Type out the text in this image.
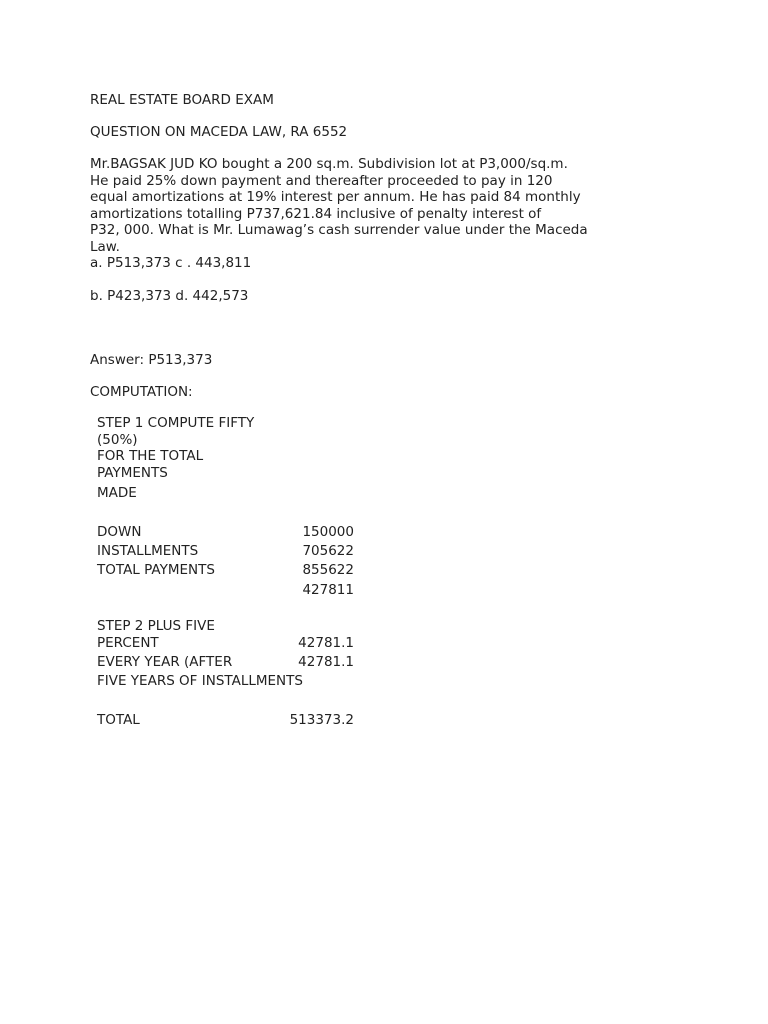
REAL ESTATE BOARD EXAM
QUESTION ON MACEDA LAW, RA 6552
Mr.BAGSAK JUD KO bought a 200 sq.m. Subdivision lot at P3,000/sq.m.
He paid 25% down payment and thereafter proceeded to pay in 120
equal amortizations at 19% interest per annum. He has paid 84 monthly
amortizations totalling P737,621.84 inclusive of penalty interest of
P32, 000. What is Mr. Lumawag’s cash surrender value under the Maceda
Law.
a. P513,373 c . 443,811
b. P423,373 d. 442,573
Answer: P513,373
COMPUTATION:
STEP 1 COMPUTE FIFTY
(50%)
FOR THE TOTAL
PAYMENTS
MADE
DOWN	150000
INSTALLMENTS	705622
TOTAL PAYMENTS	855622
427811
STEP 2 PLUS FIVE
PERCENT	42781.1
EVERY YEAR (AFTER	42781.1
FIVE YEARS OF INSTALLMENTS
TOTAL	513373.2
